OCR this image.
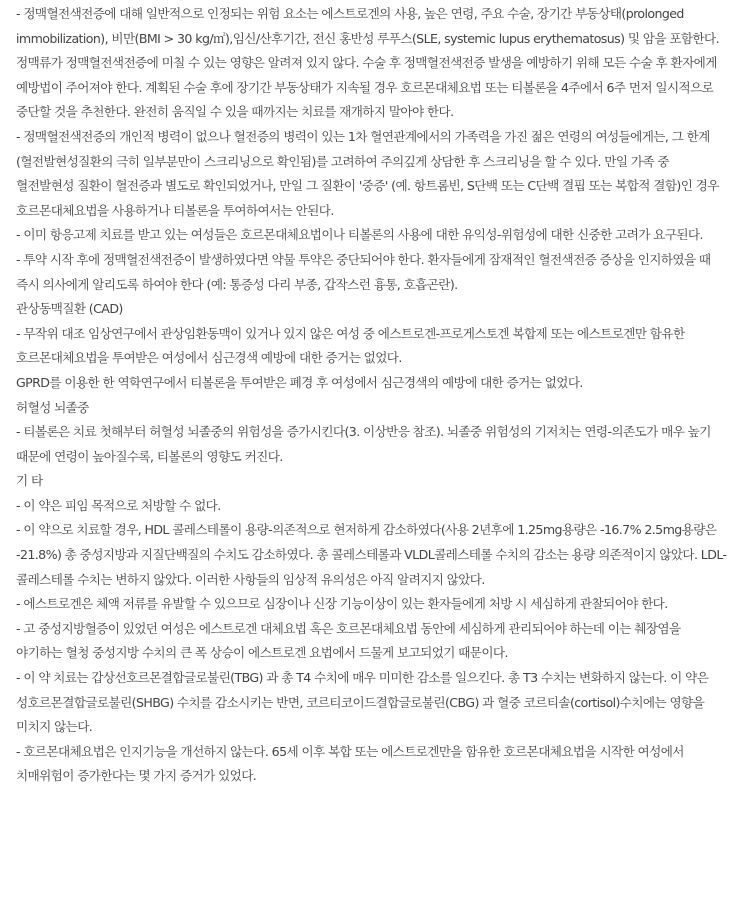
- 정맥혈전색전증에 대해 일반적으로 인정되는 위험 요소는 에스트로겐의 사용, 높은 연령, 주요 수술, 장기간 부동상태(prolonged immobilization), 비만(BMI > 30 kg/㎡),임신/산후기간, 전신 홍반성 루푸스(SLE, systemic lupus erythematosus) 및 암을 포함한다. 정맥류가 정맥혈전색전증에 미칠 수 있는 영향은 알려져 있지 않다. 수술 후 정맥혈전색전증 발생을 예방하기 위해 모든 수술 후 환자에게 예방법이 주어져야 한다. 계획된 수술 후에 장기간 부동상태가 지속될 경우 호르몬대체요법 또는 티볼론을 4주에서 6주 먼저 일시적으로 중단할 것을 추천한다. 완전히 움직일 수 있을 때까지는 치료를 재개하지 말아야 한다.

- 정맥혈전색전증의 개인적 병력이 없으나 혈전증의 병력이 있는 1차 혈연관계에서의 가족력을 가진 젊은 연령의 여성들에게는, 그 한계(혈전발현성질환의 극히 일부분만이 스크리닝으로 확인됨)를 고려하여 주의깊게 상담한 후 스크리닝을 할 수 있다. 만일 가족 중 혈전발현성 질환이 혈전증과 별도로 확인되었거나, 만일 그 질환이 '중증' (예. 항트롬빈, S단백 또는 C단백 결핍 또는 복합적 결함)인 경우 호르몬대체요법을 사용하거나 티볼론을 투여하여서는 안된다.

- 이미 항응고제 치료를 받고 있는 여성들은 호르몬대체요법이나 티볼론의 사용에 대한 유익성-위험성에 대한 신중한 고려가 요구된다.

- 투약 시작 후에 정맥혈전색전증이 발생하였다면 약물 투약은 중단되어야 한다. 환자들에게 잠재적인 혈전색전증 증상을 인지하였을 때 즉시 의사에게 알리도록 하여야 한다 (예: 통증성 다리 부종, 갑작스런 흉통, 호흡곤란).

관상동맥질환 (CAD)

- 무작위 대조 임상연구에서 관상임환동맥이 있거나 있지 않은 여성 중 에스트로겐-프로게스토겐 복합제 또는 에스트로겐만 함유한 호르몬대체요법을 투여받은 여성에서 심근경색 예방에 대한 증거는 없었다.

GPRD를 이용한 한 역학연구에서 티볼론을 투여받은 폐경 후 여성에서 심근경색의 예방에 대한 증거는 없었다.

허혈성 뇌졸중

- 티볼론은 치료 첫해부터 허혈성 뇌졸중의 위험성을 증가시킨다(3. 이상반응 참조). 뇌졸중 위험성의 기저치는 연령-의존도가 매우 높기 때문에 연령이 높아질수록, 티볼론의 영향도 커진다.

기 타

- 이 약은 피임 목적으로 처방할 수 없다.

- 이 약으로 치료할 경우, HDL 콜레스테롤이 용량-의존적으로 현저하게 감소하였다(사용 2년후에 1.25mg용량은 -16.7% 2.5mg용량은 -21.8%) 총 중성지방과 지질단백질의 수치도 감소하였다. 총 콜레스테롤과 VLDL콜레스테롤 수치의 감소는 용량 의존적이지 않았다. LDL-콜레스테롤 수치는 변하지 않았다. 이러한 사항들의 임상적 유의성은 아직 알려지지 않았다.

- 에스트로겐은 체액 저류를 유발할 수 있으므로 심장이나 신장 기능이상이 있는 환자들에게 처방 시 세심하게 관찰되어야 한다.

- 고 중성지방혈증이 있었던 여성은 에스트로겐 대체요법 혹은 호르몬대체요법 동안에 세심하게 관리되어야 하는데 이는 췌장염을 야기하는 혈청 중성지방 수치의 큰 폭 상승이 에스트로겐 요법에서 드물게 보고되었기 때문이다.

- 이 약 치료는 갑상선호르몬결합글로불린(TBG) 과 총 T4 수치에 매우 미미한 감소를 일으킨다. 총 T3 수치는 변화하지 않는다. 이 약은 성호르몬결합글로불린(SHBG) 수치를 감소시키는 반면, 코르티코이드결합글로불린(CBG) 과 혈중 코르티솔(cortisol)수치에는 영향을 미치지 않는다.

- 호르몬대체요법은 인지기능을 개선하지 않는다. 65세 이후 복합 또는 에스트로겐만을 함유한 호르몬대체요법을 시작한 여성에서 치매위험이 증가한다는 몇 가지 증거가 있었다.
